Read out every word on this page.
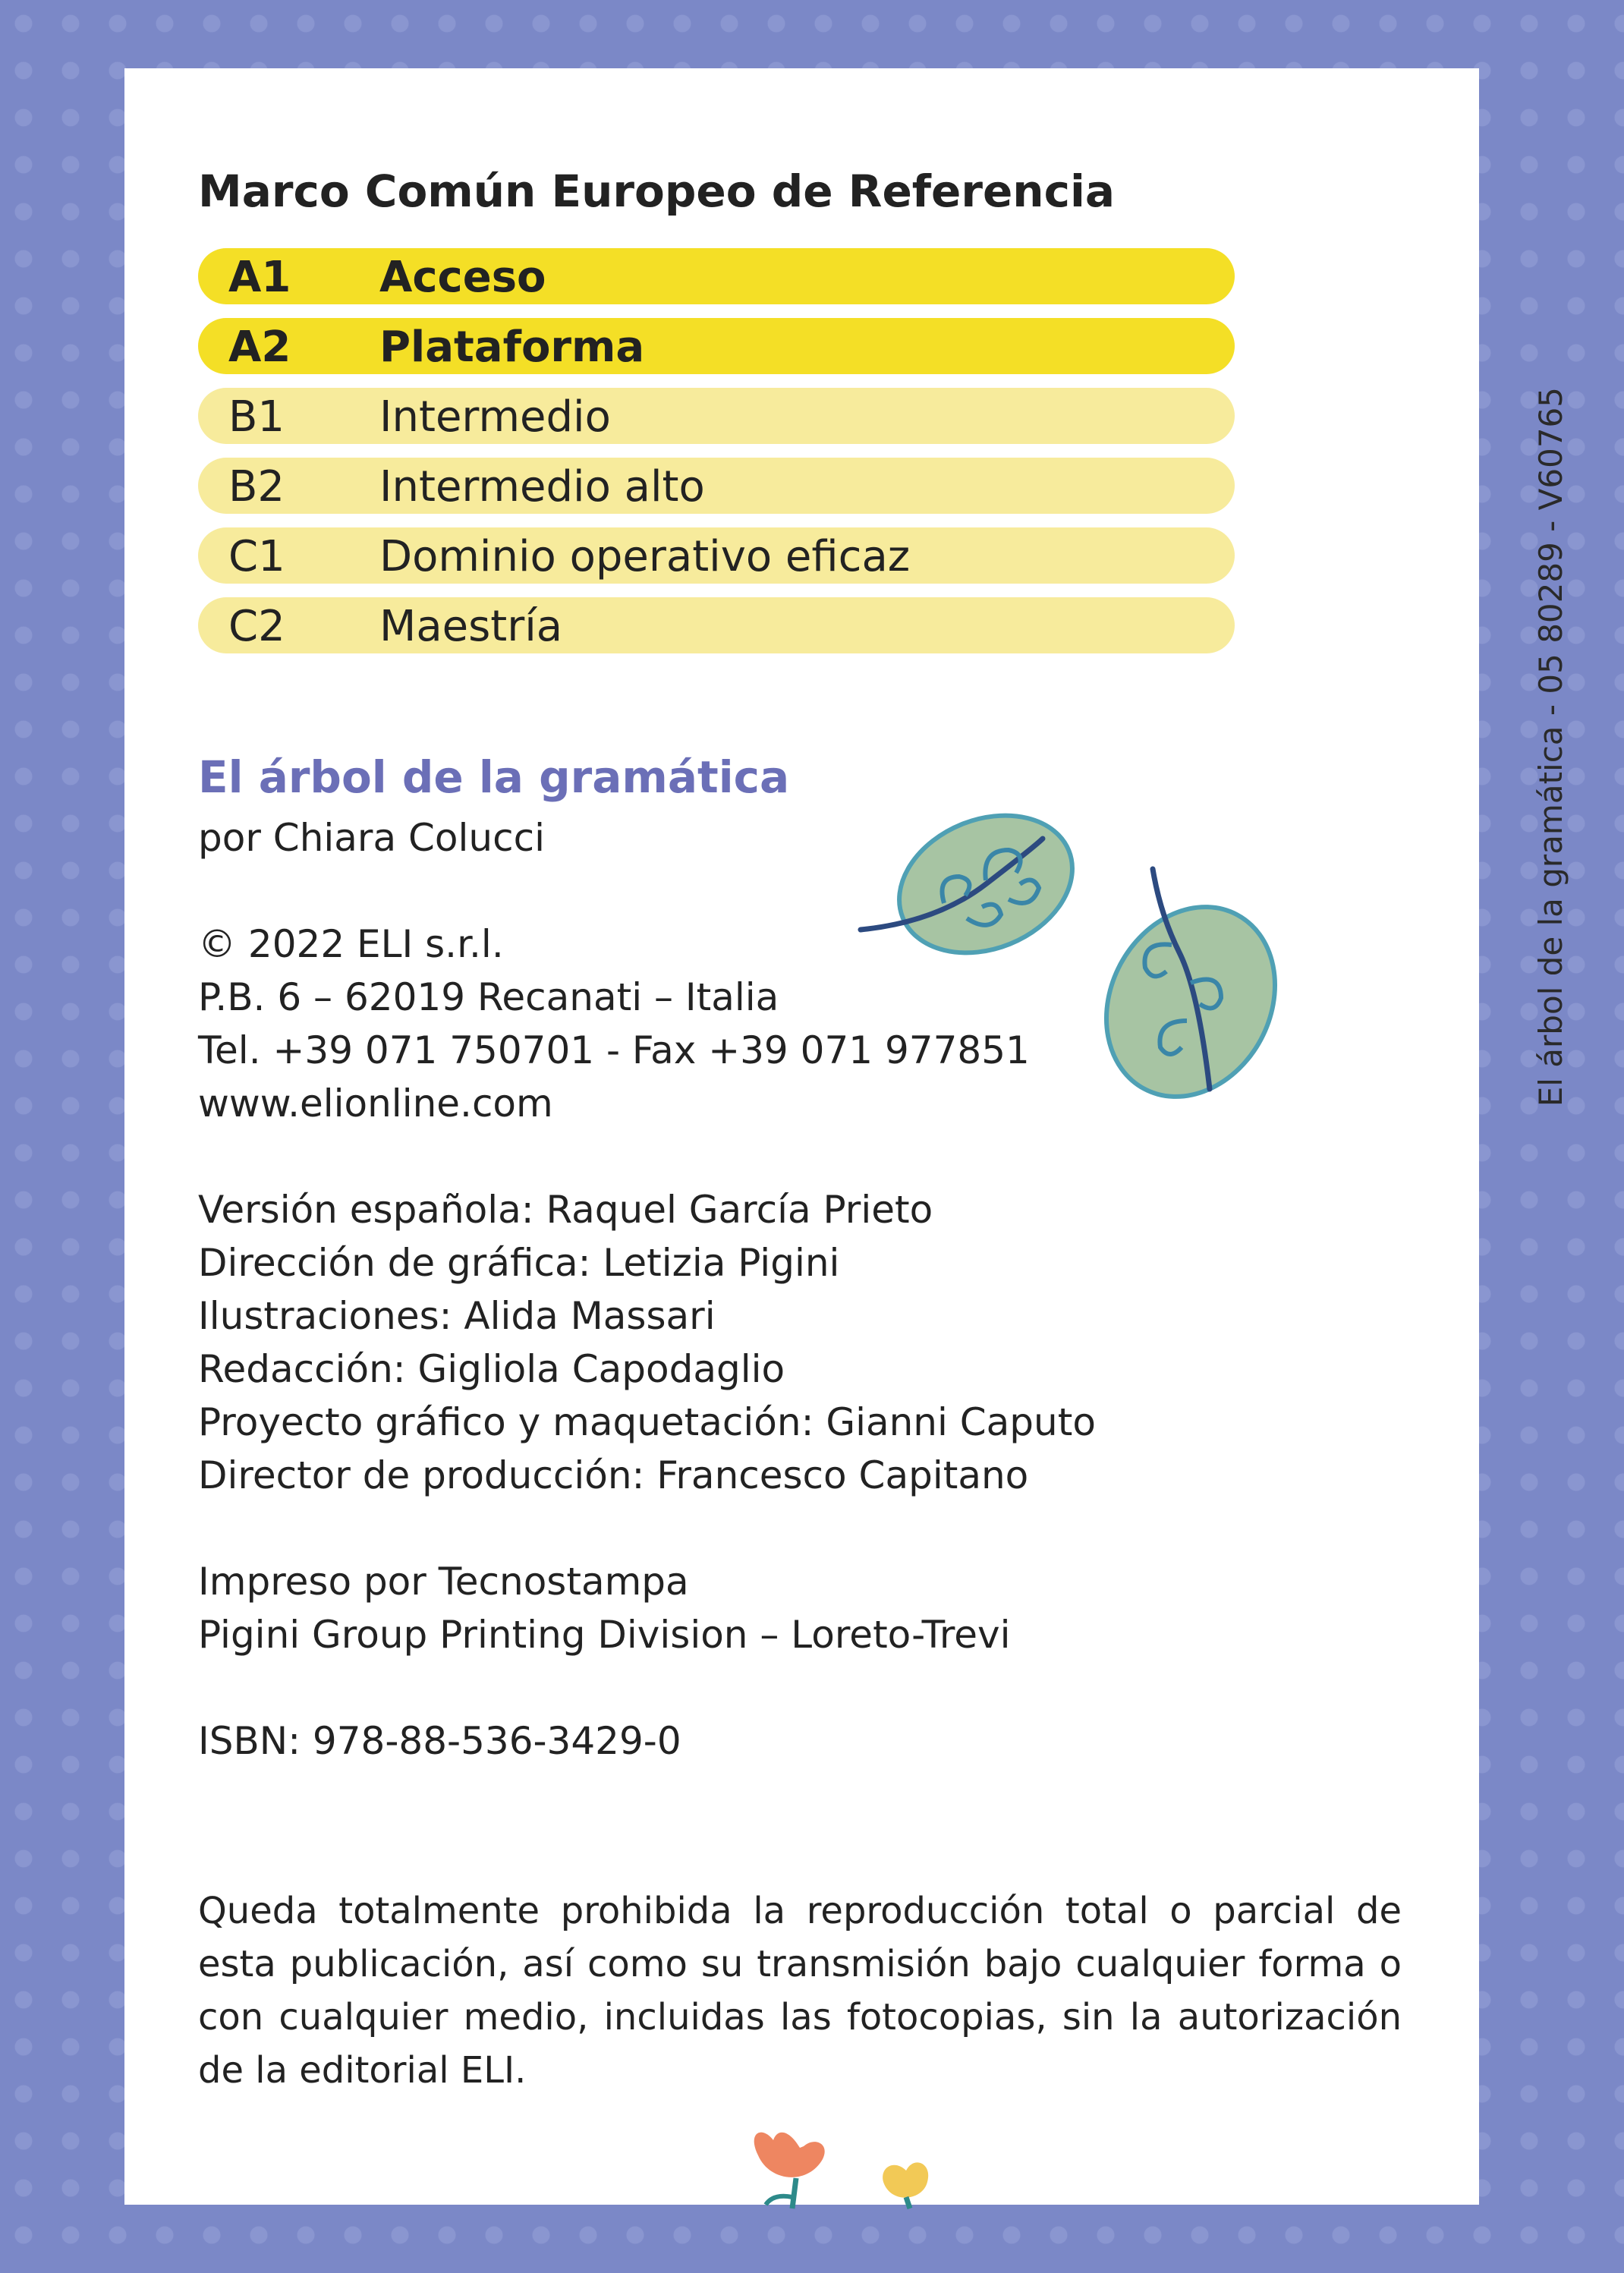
Marco Común Europeo de Referencia
A1 Acceso
A2 Plataforma
B1 Intermedio
B2 Intermedio alto
C1 Dominio operativo eficaz
C2 Maestría
El árbol de la gramática
por Chiara Colucci
© 2022 ELI s.r.l.
P.B. 6 – 62019 Recanati – Italia
Tel. +39 071 750701 - Fax +39 071 977851
www.elionline.com
Versión española: Raquel García Prieto
Dirección de gráfica: Letizia Pigini
Ilustraciones: Alida Massari
Redacción: Gigliola Capodaglio
Proyecto gráfico y maquetación: Gianni Caputo
Director de producción: Francesco Capitano
Impreso por Tecnostampa
Pigini Group Printing Division – Loreto-Trevi
ISBN: 978-88-536-3429-0

Queda totalmente prohibida la reproducción total o parcial de esta publicación, así como su transmisión bajo cualquier forma o con cualquier medio, incluidas las fotocopias, sin la autorización de la editorial ELI.

El árbol de la gramática - 05 80289 - V60765
